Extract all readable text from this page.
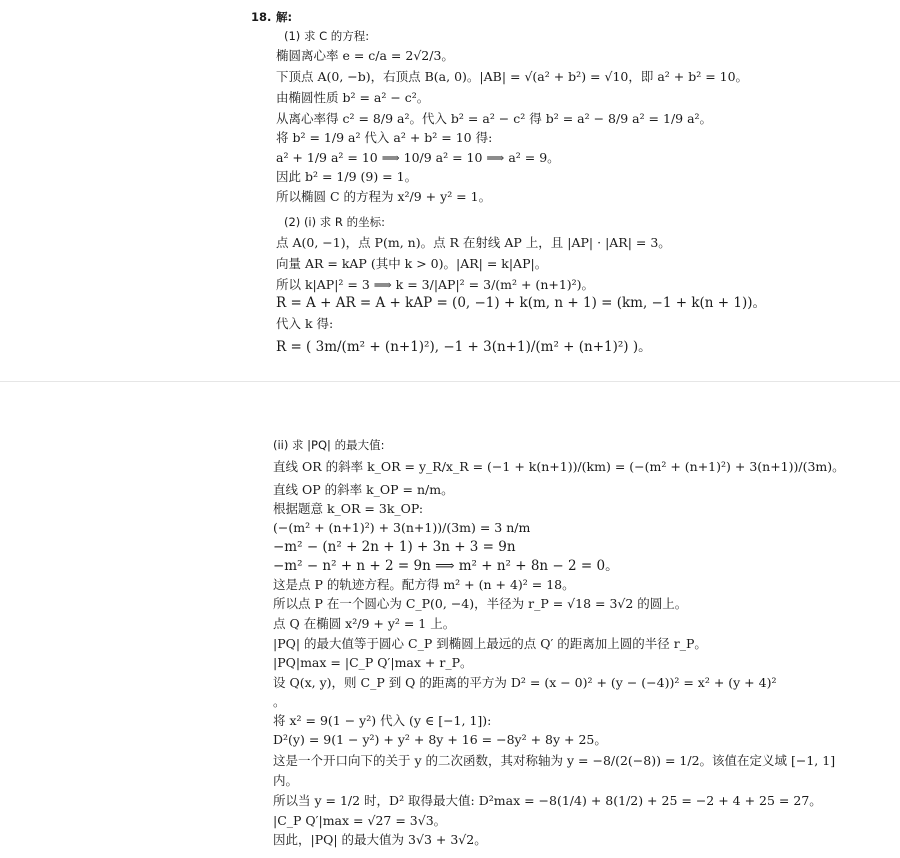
18. 解:
(1) 求 C 的方程:
椭圆离心率 e = c/a = 2√2/3。
下顶点 A(0, −b)，右顶点 B(a, 0)。|AB| = √(a² + b²) = √10，即 a² + b² = 10。
由椭圆性质 b² = a² − c²。
从离心率得 c² = 8/9 a²。代入 b² = a² − c² 得 b² = a² − 8/9 a² = 1/9 a²。
将 b² = 1/9 a² 代入 a² + b² = 10 得:
a² + 1/9 a² = 10 ⟹ 10/9 a² = 10 ⟹ a² = 9。
因此 b² = 1/9 (9) = 1。
所以椭圆 C 的方程为 x²/9 + y² = 1。
(2) (i) 求 R 的坐标:
点 A(0, −1)，点 P(m, n)。点 R 在射线 AP 上，且 |AP| · |AR| = 3。
向量 AR = kAP (其中 k > 0)。|AR| = k|AP|。
所以 k|AP|² = 3 ⟹ k = 3/|AP|² = 3/(m² + (n+1)²)。
R = A + AR = A + kAP = (0, −1) + k(m, n + 1) = (km, −1 + k(n + 1))。
代入 k 得:
R = ( 3m/(m² + (n+1)²), −1 + 3(n+1)/(m² + (n+1)²) )。
(ii) 求 |PQ| 的最大值:
直线 OR 的斜率 k_OR = y_R/x_R = (−1 + k(n+1))/(km) = (−(m² + (n+1)²) + 3(n+1))/(3m)。
直线 OP 的斜率 k_OP = n/m。
根据题意 k_OR = 3k_OP:
(−(m² + (n+1)²) + 3(n+1))/(3m) = 3 n/m
−m² − (n² + 2n + 1) + 3n + 3 = 9n
−m² − n² + n + 2 = 9n ⟹ m² + n² + 8n − 2 = 0。
这是点 P 的轨迹方程。配方得 m² + (n + 4)² = 18。
所以点 P 在一个圆心为 C_P(0, −4)，半径为 r_P = √18 = 3√2 的圆上。
点 Q 在椭圆 x²/9 + y² = 1 上。
|PQ| 的最大值等于圆心 C_P 到椭圆上最远的点 Q′ 的距离加上圆的半径 r_P。
|PQ|max = |C_P Q′|max + r_P。
设 Q(x, y)，则 C_P 到 Q 的距离的平方为 D² = (x − 0)² + (y − (−4))² = x² + (y + 4)²
。
将 x² = 9(1 − y²) 代入 (y ∈ [−1, 1]):
D²(y) = 9(1 − y²) + y² + 8y + 16 = −8y² + 8y + 25。
这是一个开口向下的关于 y 的二次函数，其对称轴为 y = −8/(2(−8)) = 1/2。该值在定义域 [−1, 1]
内。
所以当 y = 1/2 时，D² 取得最大值: D²max = −8(1/4) + 8(1/2) + 25 = −2 + 4 + 25 = 27。
|C_P Q′|max = √27 = 3√3。
因此，|PQ| 的最大值为 3√3 + 3√2。
